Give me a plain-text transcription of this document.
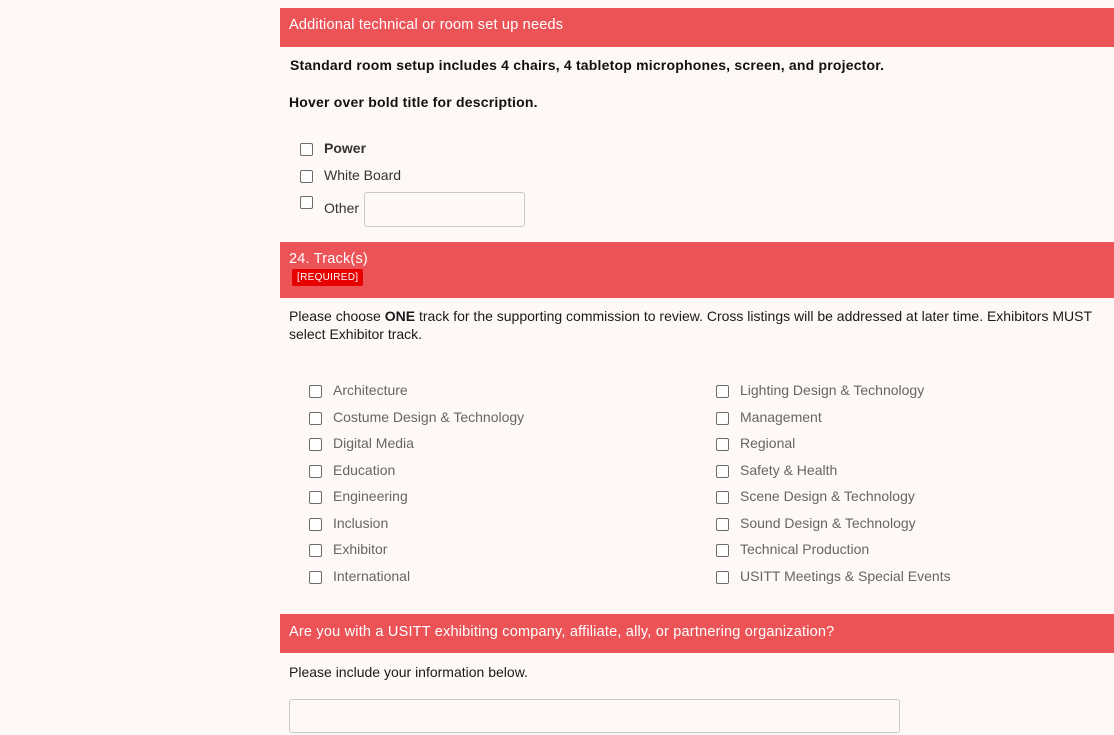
Additional technical or room set up needs
Standard room setup includes 4 chairs, 4 tabletop microphones, screen, and projector.
Hover over bold title for description.
Power
White Board
Other
24. Track(s)
[REQUIRED]
Please choose ONE track for the supporting commission to review. Cross listings will be addressed at later time. Exhibitors MUST select Exhibitor track.
Architecture
Costume Design & Technology
Digital Media
Education
Engineering
Inclusion
Exhibitor
International
Lighting Design & Technology
Management
Regional
Safety & Health
Scene Design & Technology
Sound Design & Technology
Technical Production
USITT Meetings & Special Events
Are you with a USITT exhibiting company, affiliate, ally, or partnering organization?
Please include your information below.
